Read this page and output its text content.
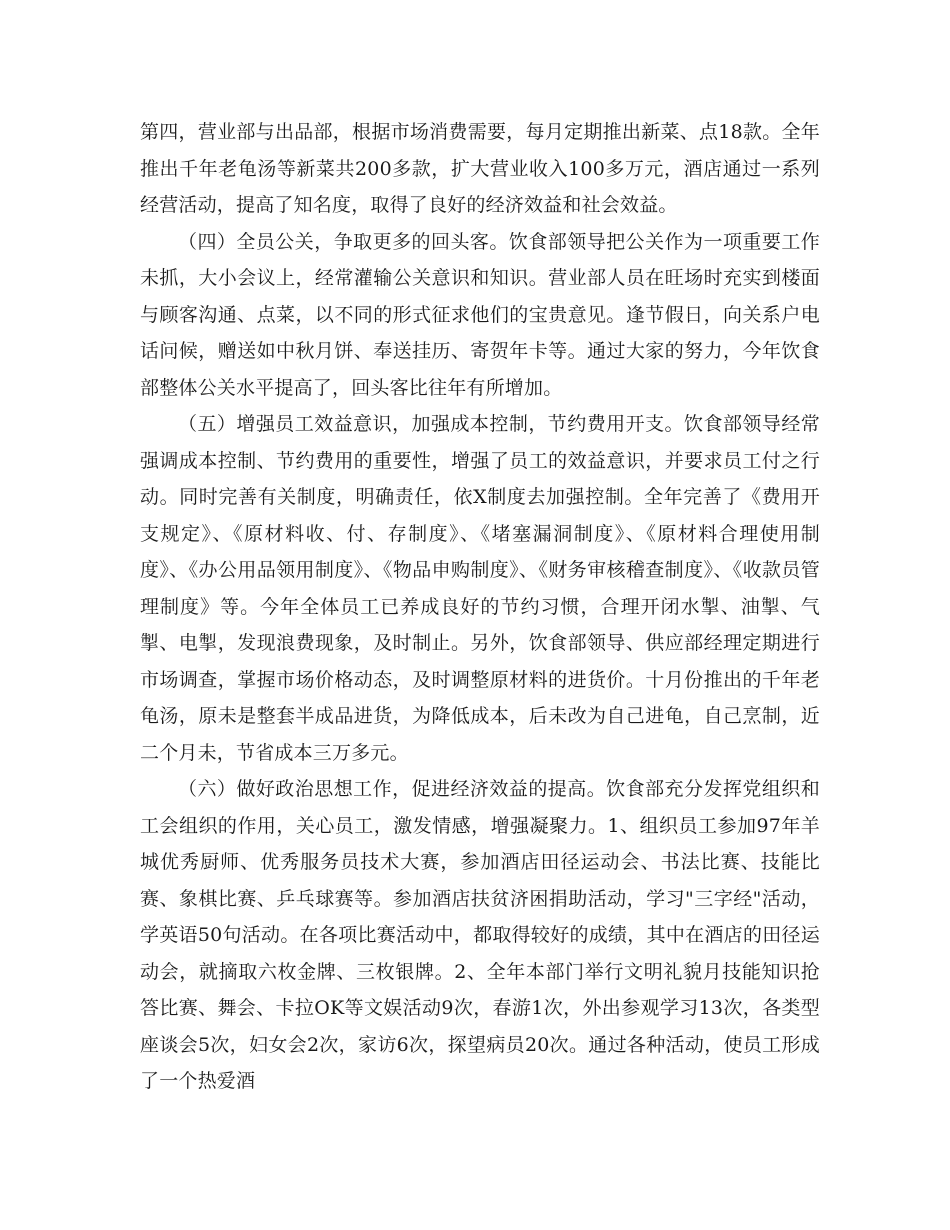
第四，营业部与出品部，根据市场消费需要，每月定期推出新菜、点18款。全年推出千年老龟汤等新菜共200多款，扩大营业收入100多万元，酒店通过一系列经营活动，提高了知名度，取得了良好的经济效益和社会效益。

（四）全员公关，争取更多的回头客。饮食部领导把公关作为一项重要工作未抓，大小会议上，经常灌输公关意识和知识。营业部人员在旺场时充实到楼面与顾客沟通、点菜，以不同的形式征求他们的宝贵意见。逢节假日，向关系户电话问候，赠送如中秋月饼、奉送挂历、寄贺年卡等。通过大家的努力，今年饮食部整体公关水平提高了，回头客比往年有所增加。

（五）增强员工效益意识，加强成本控制，节约费用开支。饮食部领导经常强调成本控制、节约费用的重要性，增强了员工的效益意识，并要求员工付之行动。同时完善有关制度，明确责任，依X制度去加强控制。全年完善了《费用开支规定》、《原材料收、付、存制度》、《堵塞漏洞制度》、《原材料合理使用制度》、《办公用品领用制度》、《物品申购制度》、《财务审核稽查制度》、《收款员管理制度》等。今年全体员工已养成良好的节约习惯，合理开闭水掣、油掣、气掣、电掣，发现浪费现象，及时制止。另外，饮食部领导、供应部经理定期进行市场调查，掌握市场价格动态，及时调整原材料的进货价。十月份推出的千年老龟汤，原未是整套半成品进货，为降低成本，后未改为自己进龟，自己烹制，近二个月未，节省成本三万多元。

（六）做好政治思想工作，促进经济效益的提高。饮食部充分发挥党组织和工会组织的作用，关心员工，激发情感，增强凝聚力。1、组织员工参加97年羊城优秀厨师、优秀服务员技术大赛，参加酒店田径运动会、书法比赛、技能比赛、象棋比赛、乒乓球赛等。参加酒店扶贫济困捐助活动，学习"三字经"活动，学英语50句活动。在各项比赛活动中，都取得较好的成绩，其中在酒店的田径运动会，就摘取六枚金牌、三枚银牌。2、全年本部门举行文明礼貌月技能知识抢答比赛、舞会、卡拉OK等文娱活动9次，春游1次，外出参观学习13次，各类型座谈会5次，妇女会2次，家访6次，探望病员20次。通过各种活动，使员工形成了一个热爱酒
